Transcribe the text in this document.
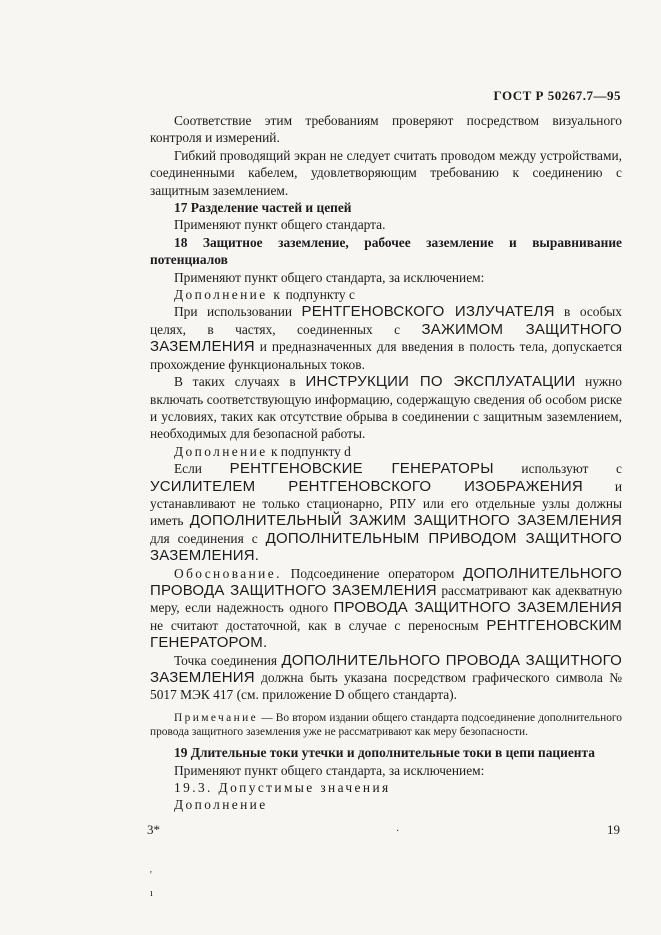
ГОСТ Р 50267.7—95

Соответствие этим требованиям проверяют посредством визуального контроля и измерений.

Гибкий проводящий экран не следует считать проводом между устройствами, соединенными кабелем, удовлетворяющим требованию к соединению с защитным заземлением.

17 Разделение частей и цепей

Применяют пункт общего стандарта.

18 Защитное заземление, рабочее заземление и выравнивание потенциалов

Применяют пункт общего стандарта, за исключением:

Дополнение к подпункту с

При использовании РЕНТГЕНОВСКОГО ИЗЛУЧАТЕЛЯ в особых целях, в частях, соединенных с ЗАЖИМОМ ЗАЩИТНОГО ЗАЗЕМЛЕНИЯ и предназначенных для введения в полость тела, допускается прохождение функциональных токов.

В таких случаях в ИНСТРУКЦИИ ПО ЭКСПЛУАТАЦИИ нужно включать соответствующую информацию, содержащую сведения об особом риске и условиях, таких как отсутствие обрыва в соединении с защитным заземлением, необходимых для безопасной работы.

Дополнение к подпункту d

Если РЕНТГЕНОВСКИЕ ГЕНЕРАТОРЫ используют с УСИЛИТЕЛЕМ РЕНТГЕНОВСКОГО ИЗОБРАЖЕНИЯ и устанавливают не только стационарно, РПУ или его отдельные узлы должны иметь ДОПОЛНИТЕЛЬНЫЙ ЗАЖИМ ЗАЩИТНОГО ЗАЗЕМЛЕНИЯ для соединения с ДОПОЛНИТЕЛЬНЫМ ПРИВОДОМ ЗАЩИТНОГО ЗАЗЕМЛЕНИЯ.

Обоснование. Подсоединение оператором ДОПОЛНИТЕЛЬНОГО ПРОВОДА ЗАЩИТНОГО ЗАЗЕМЛЕНИЯ рассматривают как адекватную меру, если надежность одного ПРОВОДА ЗАЩИТНОГО ЗАЗЕМЛЕНИЯ не считают достаточной, как в случае с переносным РЕНТГЕНОВСКИМ ГЕНЕРАТОРОМ.

Точка соединения ДОПОЛНИТЕЛЬНОГО ПРОВОДА ЗАЩИТНОГО ЗАЗЕМЛЕНИЯ должна быть указана посредством графического символа № 5017 МЭК 417 (см. приложение D общего стандарта).

Примечание — Во втором издании общего стандарта подсоединение дополнительного провода защитного заземления уже не рассматривают как меру безопасности.

19 Длительные токи утечки и дополнительные токи в цепи пациента

Применяют пункт общего стандарта, за исключением:

19.3. Допустимые значения

Дополнение

3*	·	19
'
ı
